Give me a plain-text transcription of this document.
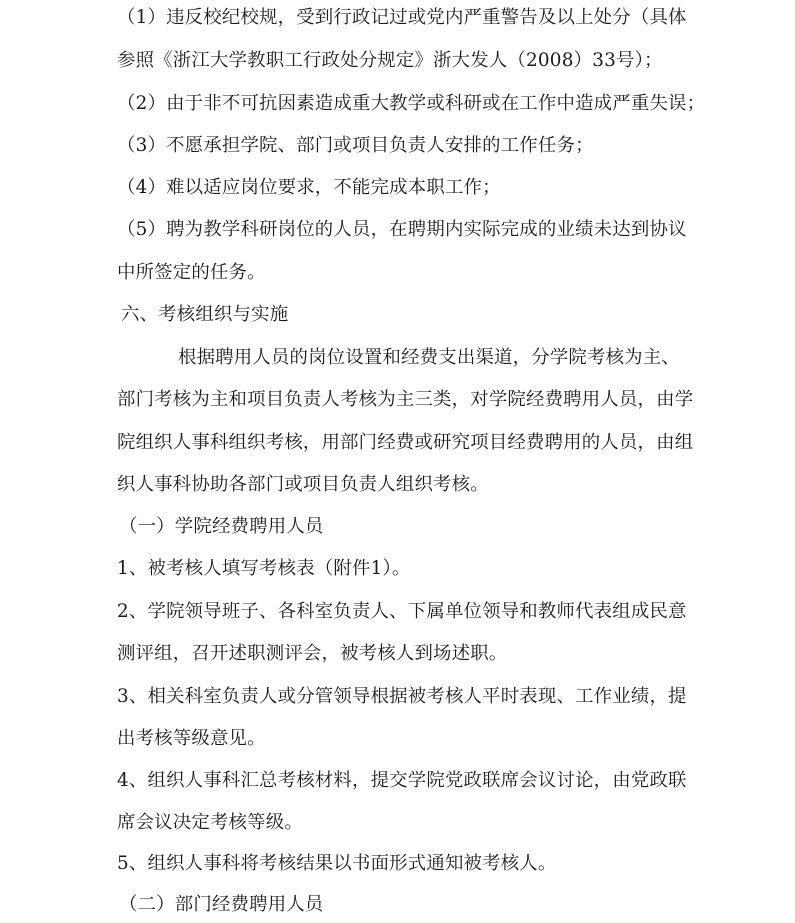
（1）违反校纪校规，受到行政记过或党内严重警告及以上处分（具体
参照《浙江大学教职工行政处分规定》浙大发人（2008）33号）；
（2）由于非不可抗因素造成重大教学或科研或在工作中造成严重失误；
（3）不愿承担学院、部门或项目负责人安排的工作任务；
（4）难以适应岗位要求，不能完成本职工作；
（5）聘为教学科研岗位的人员，在聘期内实际完成的业绩未达到协议
中所签定的任务。
六、考核组织与实施
根据聘用人员的岗位设置和经费支出渠道，分学院考核为主、
部门考核为主和项目负责人考核为主三类，对学院经费聘用人员，由学
院组织人事科组织考核，用部门经费或研究项目经费聘用的人员，由组
织人事科协助各部门或项目负责人组织考核。
（一）学院经费聘用人员
1、被考核人填写考核表（附件1）。
2、学院领导班子、各科室负责人、下属单位领导和教师代表组成民意
测评组，召开述职测评会，被考核人到场述职。
3、相关科室负责人或分管领导根据被考核人平时表现、工作业绩，提
出考核等级意见。
4、组织人事科汇总考核材料，提交学院党政联席会议讨论，由党政联
席会议决定考核等级。
5、组织人事科将考核结果以书面形式通知被考核人。
（二）部门经费聘用人员
